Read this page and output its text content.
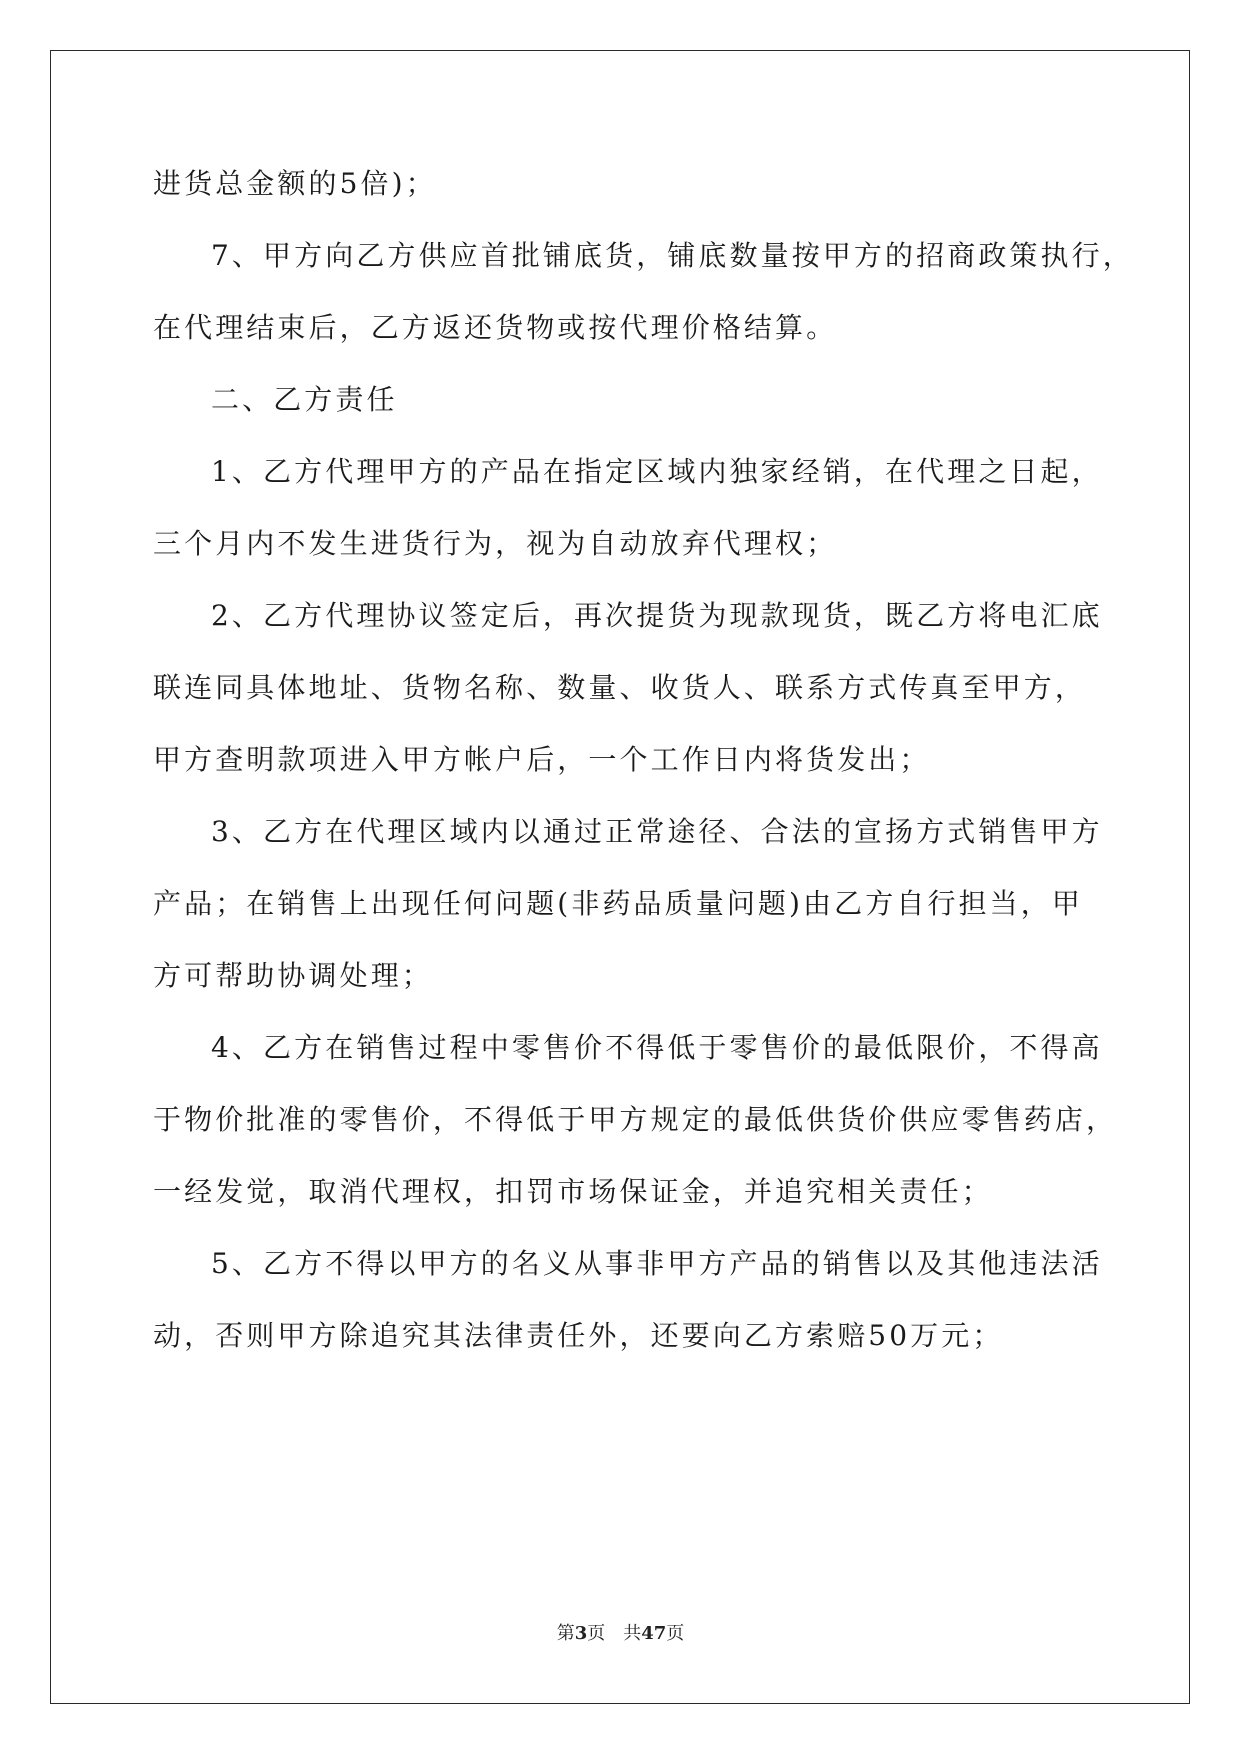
进货总金额的5倍)；
7、甲方向乙方供应首批铺底货，铺底数量按甲方的招商政策执行，
在代理结束后，乙方返还货物或按代理价格结算。
二、乙方责任
1、乙方代理甲方的产品在指定区域内独家经销，在代理之日起，
三个月内不发生进货行为，视为自动放弃代理权；
2、乙方代理协议签定后，再次提货为现款现货，既乙方将电汇底
联连同具体地址、货物名称、数量、收货人、联系方式传真至甲方，
甲方查明款项进入甲方帐户后，一个工作日内将货发出；
3、乙方在代理区域内以通过正常途径、合法的宣扬方式销售甲方
产品；在销售上出现任何问题(非药品质量问题)由乙方自行担当，甲
方可帮助协调处理；
4、乙方在销售过程中零售价不得低于零售价的最低限价，不得高
于物价批准的零售价，不得低于甲方规定的最低供货价供应零售药店，
一经发觉，取消代理权，扣罚市场保证金，并追究相关责任；
5、乙方不得以甲方的名义从事非甲方产品的销售以及其他违法活
动，否则甲方除追究其法律责任外，还要向乙方索赔50万元；
第3页 共47页
